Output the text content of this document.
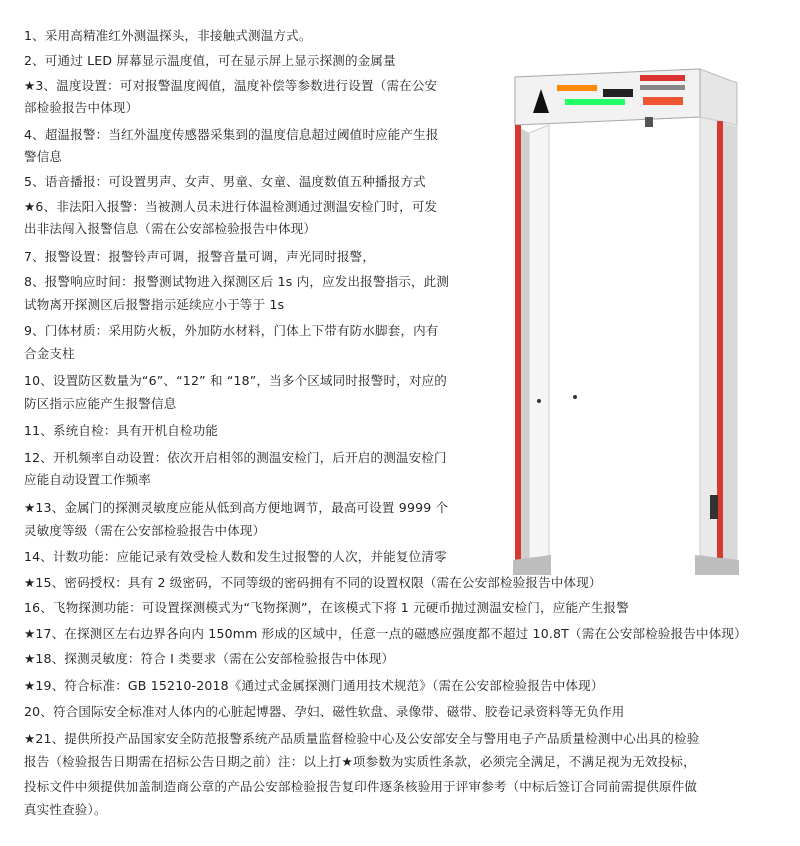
1、采用高精准红外测温探头，非接触式测温方式。
2、可通过 LED 屏幕显示温度值，可在显示屏上显示探测的金属量
★3、温度设置：可对报警温度阀值，温度补偿等参数进行设置（需在公安
部检验报告中体现）
4、超温报警：当红外温度传感器采集到的温度信息超过阈值时应能产生报
警信息
5、语音播报：可设置男声、女声、男童、女童、温度数值五种播报方式
★6、非法阳入报警：当被测人员未进行体温检测通过测温安检门时，可发
出非法闯入报警信息（需在公安部检验报告中体现）
7、报警设置：报警铃声可调，报警音量可调，声光同时报警，
8、报警响应时间：报警测试物进入探测区后 1s 内，应发出报警指示，此测
试物离开探测区后报警指示延续应小于等于 1s
9、门体材质：采用防火板，外加防水材料，门体上下带有防水脚套，内有
合金支柱
10、设置防区数量为“6”、“12” 和 “18”，当多个区域同时报警时，对应的
防区指示应能产生报警信息
11、系统自检：具有开机自检功能
12、开机频率自动设置：依次开启相邻的测温安检门，后开启的测温安检门
应能自动设置工作频率
★13、金属门的探测灵敏度应能从低到高方便地调节，最高可设置 9999 个
灵敏度等级（需在公安部检验报告中体现）
14、计数功能：应能记录有效受检人数和发生过报警的人次，并能复位清零
★15、密码授权：具有 2 级密码，不同等级的密码拥有不同的设置权限（需在公安部检验报告中体现）
16、飞物探测功能：可设置探测模式为“飞物探测”，在该模式下将 1 元硬币抛过测温安检门，应能产生报警
★17、在探测区左右边界各向内 150mm 形成的区域中，任意一点的磁感应强度都不超过 10.8T（需在公安部检验报告中体现）
★18、探测灵敏度：符合 I 类要求（需在公安部检验报告中体现）
★19、符合标准：GB 15210-2018《通过式金属探测门通用技术规范》（需在公安部检验报告中体现）
20、符合国际安全标准对人体内的心脏起博器、孕妇、磁性软盘、录像带、磁带、胶卷记录资料等无负作用
★21、提供所投产品国家安全防范报警系统产品质量监督检验中心及公安部安全与警用电子产品质量检测中心出具的检验
报告（检验报告日期需在招标公告日期之前）注：以上打★项参数为实质性条款，必须完全满足，不满足视为无效投标，
投标文件中须提供加盖制造商公章的产品公安部检验报告复印件逐条核验用于评审参考（中标后签订合同前需提供原件做
真实性查验）。
